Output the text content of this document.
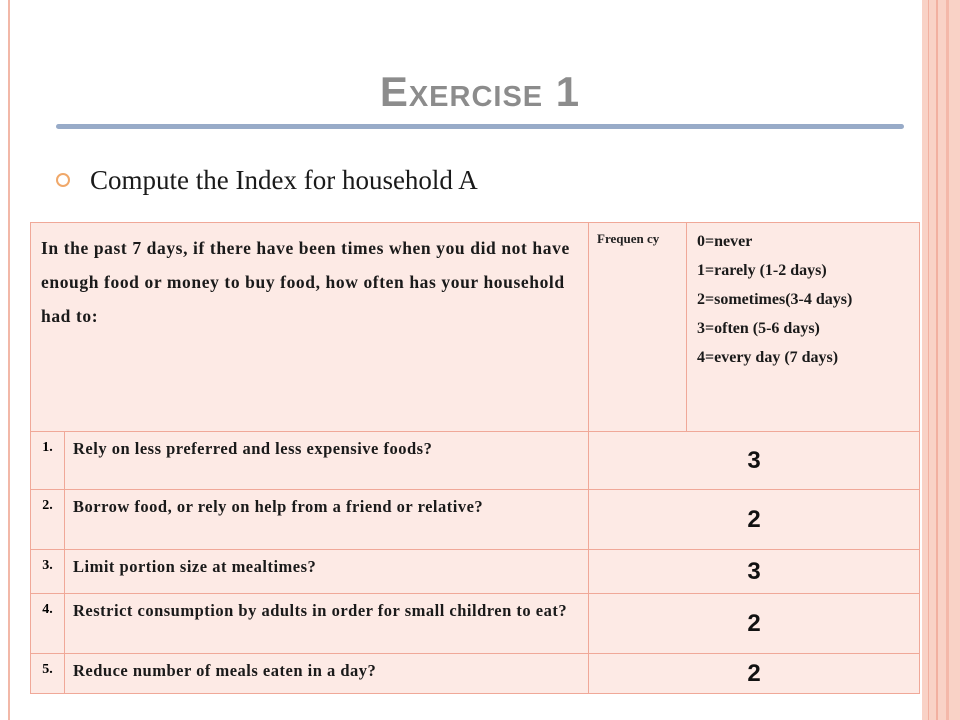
Exercise 1
Compute the Index for household A
In the past 7 days, if there have been times when you did not have enough food or money to buy food, how often has your household had to:
Frequen cy	0=never
1=rarely (1-2 days)
2=sometimes(3-4 days)
3=often (5-6 days)
4=every day (7 days)
1.	Rely on less preferred and less expensive foods?	3
2.	Borrow food, or rely on help from a friend or relative?	2
3.	Limit portion size at mealtimes?	3
4.	Restrict consumption by adults in order for small children to eat?	2
5.	Reduce number of meals eaten in a day?	2
